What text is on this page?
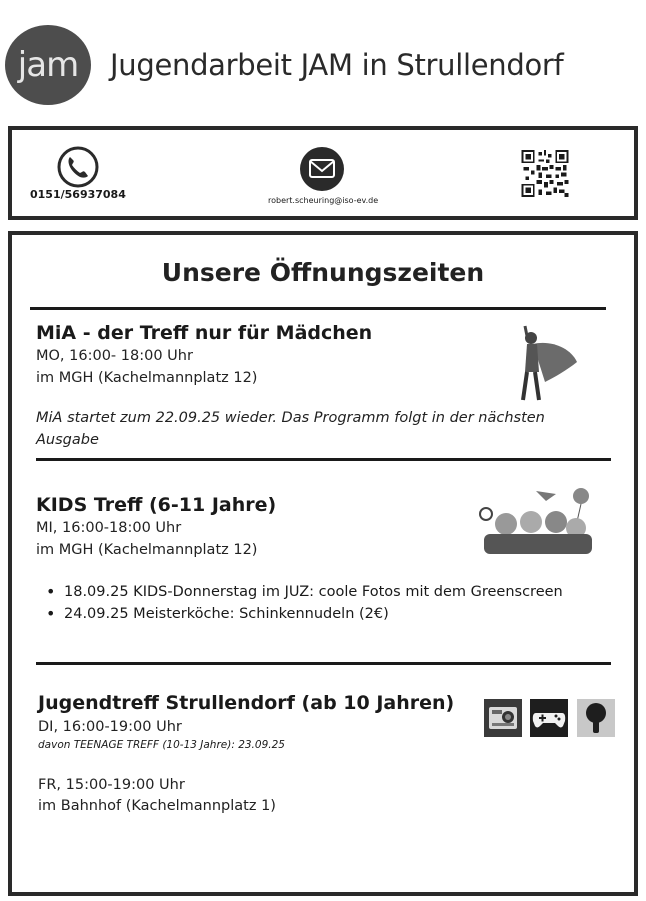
jam Jugendarbeit JAM in Strullendorf
0151/56937084	robert.scheuring@iso-ev.de
Unsere Öffnungszeiten
MiA - der Treff nur für Mädchen
MO, 16:00- 18:00 Uhr
im MGH (Kachelmannplatz 12)
MiA startet zum 22.09.25 wieder. Das Programm folgt in der nächsten
Ausgabe
KIDS Treff (6-11 Jahre)
MI, 16:00-18:00 Uhr
im MGH (Kachelmannplatz 12)
• 18.09.25 KIDS-Donnerstag im JUZ: coole Fotos mit dem Greenscreen
• 24.09.25 Meisterköche: Schinkennudeln (2€)
Jugendtreff Strullendorf (ab 10 Jahren)
DI, 16:00-19:00 Uhr
davon TEENAGE TREFF (10-13 Jahre): 23.09.25
FR, 15:00-19:00 Uhr
im Bahnhof (Kachelmannplatz 1)
